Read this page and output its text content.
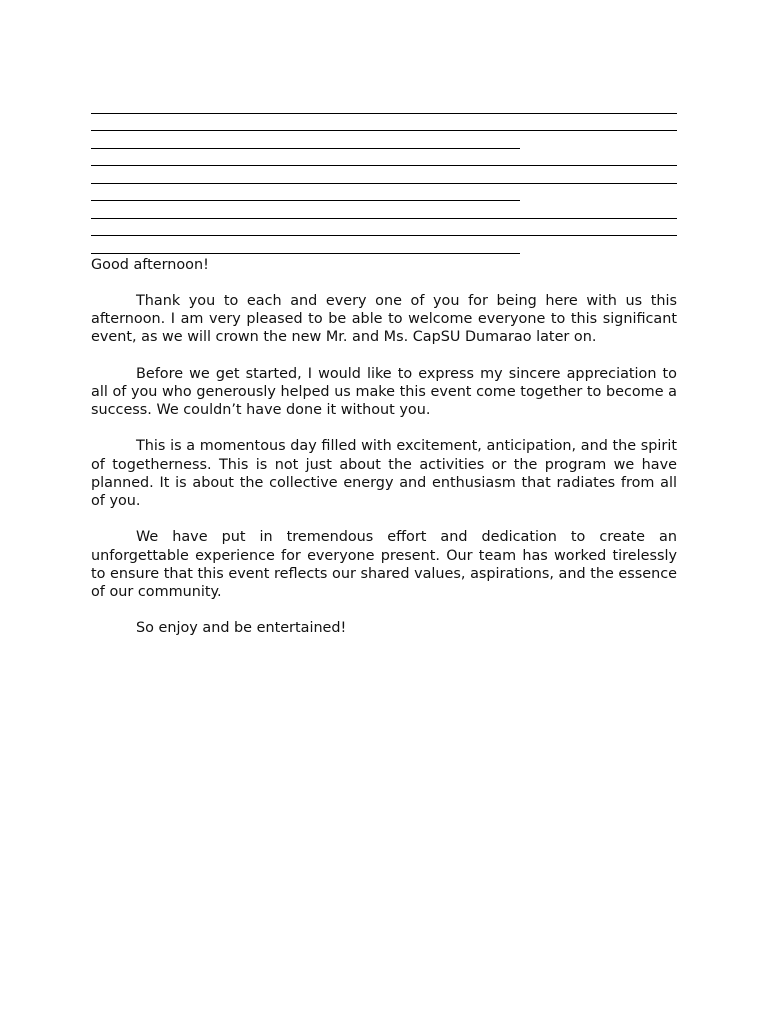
Good afternoon!

Thank you to each and every one of you for being here with us this afternoon. I am very pleased to be able to welcome everyone to this significant event, as we will crown the new Mr. and Ms. CapSU Dumarao later on.

Before we get started, I would like to express my sincere appreciation to all of you who generously helped us make this event come together to become a success. We couldn’t have done it without you.

This is a momentous day filled with excitement, anticipation, and the spirit of togetherness. This is not just about the activities or the program we have planned. It is about the collective energy and enthusiasm that radiates from all of you.

We have put in tremendous effort and dedication to create an unforgettable experience for everyone present. Our team has worked tirelessly to ensure that this event reflects our shared values, aspirations, and the essence of our community.

So enjoy and be entertained!
